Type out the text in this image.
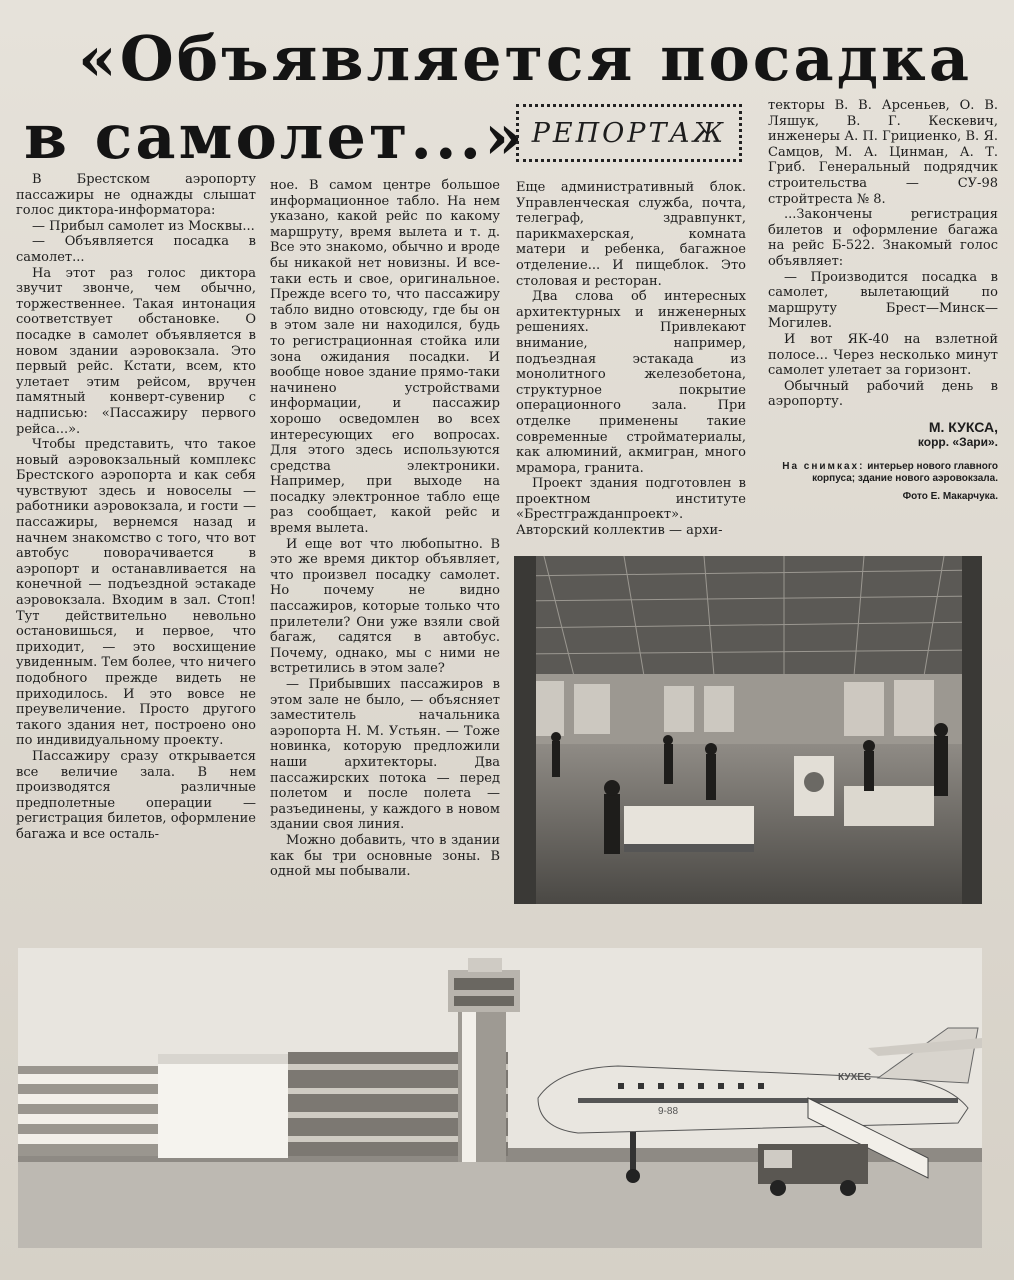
«Объявляется посадка
в самолет...» РЕПОРТАЖ

В Брестском аэропорту пассажиры не однажды слышат голос диктора-информатора:

— Прибыл самолет из Москвы...

— Объявляется посадка в самолет...

На этот раз голос диктора звучит звонче, чем обычно, торжественнее. Такая интонация соответствует обстановке. О посадке в самолет объявляется в новом здании аэровокзала. Это первый рейс. Кстати, всем, кто улетает этим рейсом, вручен памятный конверт-сувенир с надписью: «Пассажиру первого рейса...».

Чтобы представить, что такое новый аэровокзальный комплекс Брестского аэропорта и как себя чувствуют здесь и новоселы — работники аэровокзала, и гости — пассажиры, вернемся назад и начнем знакомство с того, что вот автобус поворачивается в аэропорт и останавливается на конечной — подъездной эстакаде аэровокзала. Входим в зал. Стоп! Тут действительно невольно остановишься, и первое, что приходит, — это восхищение увиденным. Тем более, что ничего подобного прежде видеть не приходилось. И это вовсе не преувеличение. Просто другого такого здания нет, построено оно по индивидуальному проекту.

Пассажиру сразу открывается все величие зала. В нем производятся различные предполетные операции — регистрация билетов, оформление багажа и все осталь-

ное. В самом центре большое информационное табло. На нем указано, какой рейс по какому маршруту, время вылета и т. д. Все это знакомо, обычно и вроде бы никакой нет новизны. И все-таки есть и свое, оригинальное. Прежде всего то, что пассажиру табло видно отовсюду, где бы он в этом зале ни находился, будь то регистрационная стойка или зона ожидания посадки. И вообще новое здание прямо-таки начинено устройствами информации, и пассажир хорошо осведомлен во всех интересующих его вопросах. Для этого здесь используются средства электроники. Например, при выходе на посадку электронное табло еще раз сообщает, какой рейс и время вылета.

И еще вот что любопытно. В это же время диктор объявляет, что произвел посадку самолет. Но почему не видно пассажиров, которые только что прилетели? Они уже взяли свой багаж, садятся в автобус. Почему, однако, мы с ними не встретились в этом зале?

— Прибывших пассажиров в этом зале не было, — объясняет заместитель начальника аэропорта Н. М. Устьян. — Тоже новинка, которую предложили наши архитекторы. Два пассажирских потока — перед полетом и после полета — разъединены, у каждого в новом здании своя линия.

Можно добавить, что в здании как бы три основные зоны. В одной мы побывали.

Еще административный блок. Управленческая служба, почта, телеграф, здравпункт, парикмахерская, комната матери и ребенка, багажное отделение... И пищеблок. Это столовая и ресторан.

Два слова об интересных архитектурных и инженерных решениях. Привлекают внимание, например, подъездная эстакада из монолитного железобетона, структурное покрытие операционного зала. При отделке применены такие современные стройматериалы, как алюминий, акмигран, много мрамора, гранита.

Проект здания подготовлен в проектном институте «Брестгражданпроект». Авторский коллектив — архи-

текторы В. В. Арсеньев, О. В. Ляшук, В. Г. Кескевич, инженеры А. П. Грициенко, В. Я. Самцов, М. А. Цинман, А. Т. Гриб. Генеральный подрядчик строительства — СУ-98 стройтреста № 8.

...Закончены регистрация билетов и оформление багажа на рейс Б-522. Знакомый голос объявляет:

— Производится посадка в самолет, вылетающий по маршруту Брест—Минск—Могилев.

И вот ЯК-40 на взлетной полосе... Через несколько минут самолет улетает за горизонт.

Обычный рабочий день в аэропорту.

М. КУКСА,
корр. «Зари».
На снимках: интерьер нового главного корпуса; здание нового аэровокзала.
Фото Е. Макарчука.
9-88
КУХЕС
